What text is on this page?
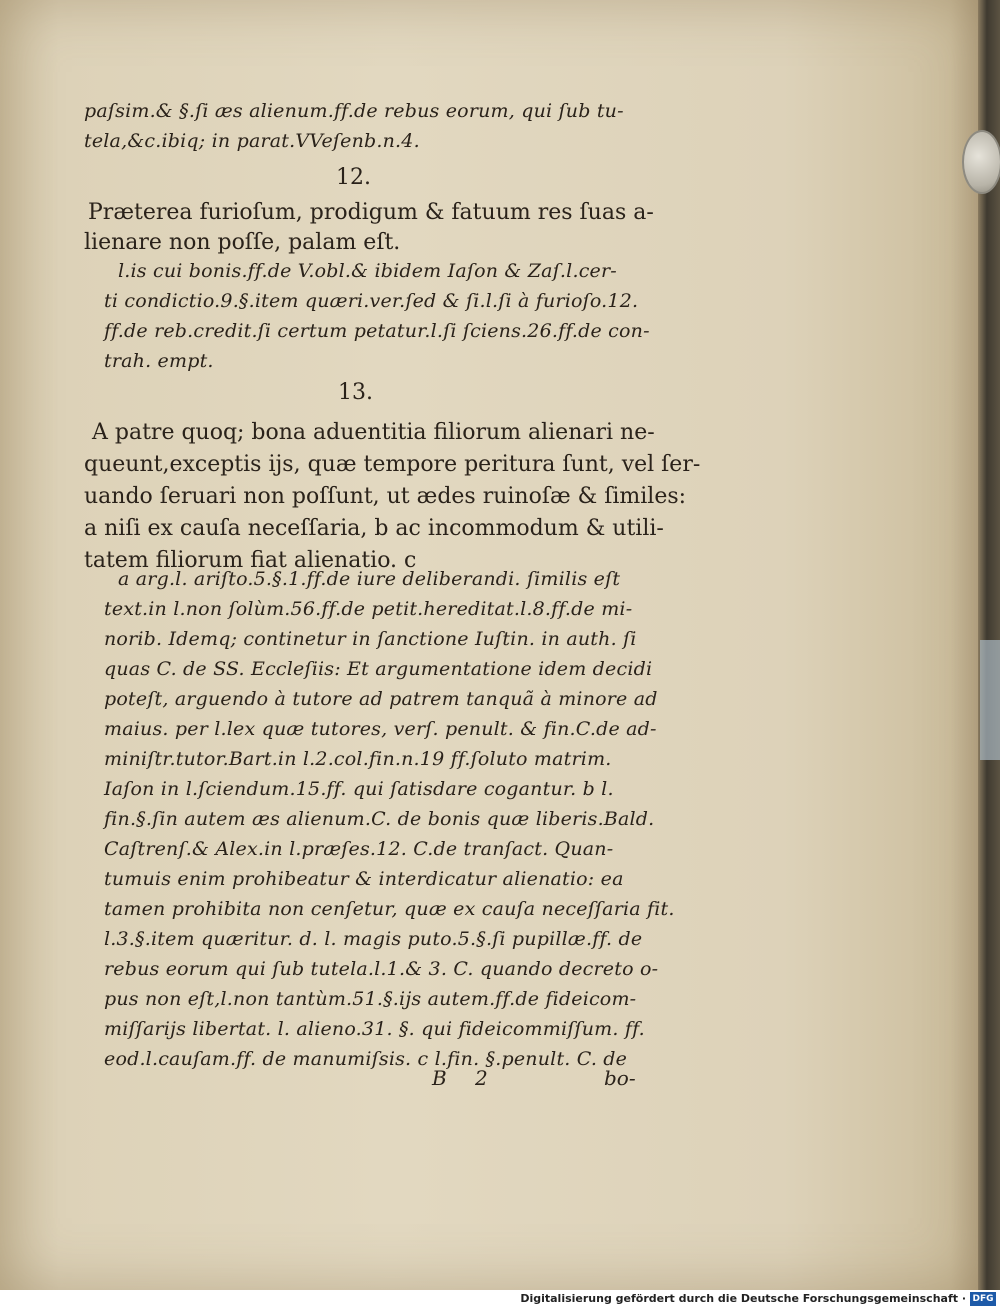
paſsim.& §.ſi æs alienum.ff.de rebus eorum, qui ſub tu-
tela,&c.ibiq; in parat.VVeſenb.n.4.
12.
Præterea furioſum, prodigum & fatuum res ſuas a-
lienare non poſſe, palam eſt.
l.is cui bonis.ff.de V.obl.& ibidem Iaſon & Zaſ.l.cer-
ti condictio.9.§.item quæri.ver.ſed & ſi.l.ſi à furioſo.12.
ff.de reb.credit.ſi certum petatur.l.ſi ſciens.26.ff.de con-
trah. empt.
13.
A patre quoq; bona aduentitia filiorum alienari ne-
queunt,exceptis ijs, quæ tempore peritura ſunt, vel ſer-
uando ſeruari non poſſunt, ut ædes ruinoſæ & ſimiles:
a niſi ex cauſa neceſſaria, b ac incommodum & utili-
tatem filiorum fiat alienatio. c
a arg.l. ariſto.5.§.1.ff.de iure deliberandi. ſimilis eſt
text.in l.non ſolùm.56.ff.de petit.hereditat.l.8.ff.de mi-
norib. Idemq; continetur in ſanctione Iuſtin. in auth. ſi
quas C. de SS. Eccleſiis: Et argumentatione idem decidi
poteſt, arguendo à tutore ad patrem tanquã à minore ad
maius. per l.lex quæ tutores, verſ. penult. & fin.C.de ad-
miniſtr.tutor.Bart.in l.2.col.fin.n.19 ff.ſoluto matrim.
Iaſon in l.ſciendum.15.ff. qui ſatisdare cogantur. b l.
fin.§.ſin autem æs alienum.C. de bonis quæ liberis.Bald.
Caſtrenſ.& Alex.in l.præſes.12. C.de tranſact. Quan-
tumuis enim prohibeatur & interdicatur alienatio: ea
tamen prohibita non cenſetur, quæ ex cauſa neceſſaria fit.
l.3.§.item quæritur. d. l. magis puto.5.§.ſi pupillæ.ff. de
rebus eorum qui ſub tutela.l.1.& 3. C. quando decreto o-
pus non eſt,l.non tantùm.51.§.ijs autem.ff.de fideicom-
miſſarijs libertat. l. alieno.31. §. qui fideicommiſſum. ff.
eod.l.cauſam.ff. de manumiſsis. c l.fin. §.penult. C. de
B 2	bo-
Digitalisierung gefördert durch die Deutsche Forschungsgemeinschaft · DFG
